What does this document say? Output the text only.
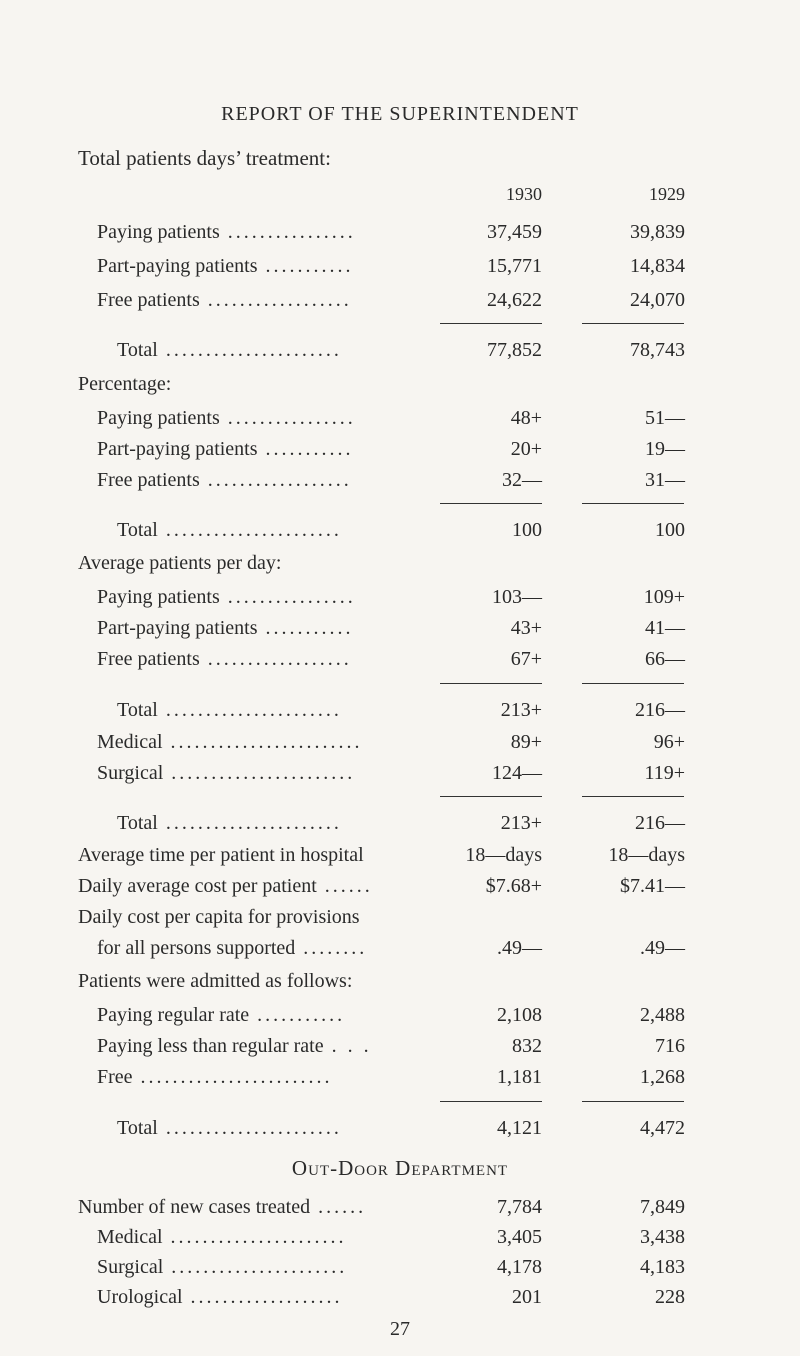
REPORT OF THE SUPERINTENDENT
Total patients days’ treatment:
1930	1929
Paying patients ................	37,459	39,839
Part-paying patients ...........	15,771	14,834
Free patients ..................	24,622	24,070
Total ......................	77,852	78,743
Percentage:
Paying patients ................	48+	51—
Part-paying patients ...........	20+	19—
Free patients ..................	32—	31—
Total ......................	100	100
Average patients per day:
Paying patients ................	103—	109+
Part-paying patients ...........	43+	41—
Free patients ..................	67+	66—
Total ......................	213+	216—
Medical ........................	89+	96+
Surgical .......................	124—	119+
Total ......................	213+	216—
Average time per patient in hospital	18—days	18—days
Daily average cost per patient ......	$7.68+	$7.41—
Daily cost per capita for provisions
for all persons supported ........	.49—	.49—
Patients were admitted as follows:
Paying regular rate ...........	2,108	2,488
Paying less than regular rate . . .	832	716
Free ........................	1,181	1,268
Total ......................	4,121	4,472
Out-Door Department
Number of new cases treated ......	7,784	7,849
Medical ......................	3,405	3,438
Surgical ......................	4,178	4,183
Urological ...................	201	228
27
